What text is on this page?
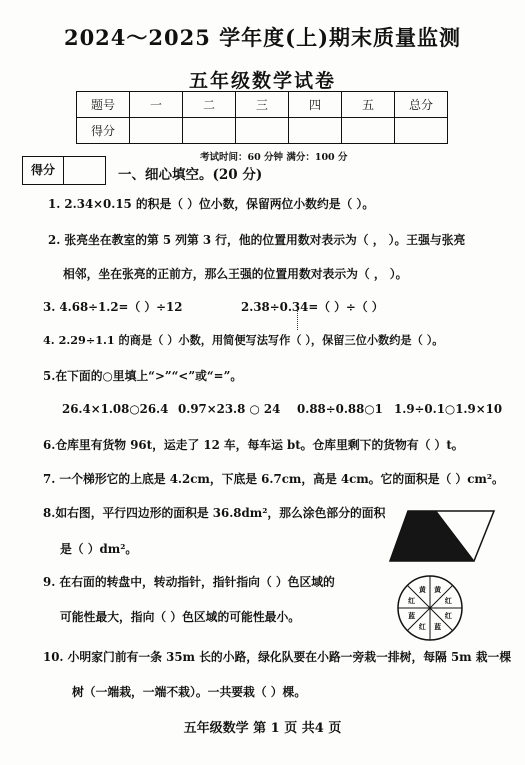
2024～2025 学年度(上)期末质量监测
五年级数学试卷
题号	一	二	三	四	五	总分
得分						
考试时间：60 分钟 满分：100 分
得分	一、细心填空。(20 分)
1. 2.34×0.15 的积是（ ）位小数，保留两位小数约是（ ）。
2. 张亮坐在教室的第 5 列第 3 行，他的位置用数对表示为（ ， ）。王强与张亮
相邻，坐在张亮的正前方，那么王强的位置用数对表示为（ ， ）。
3. 4.68÷1.2=（ ）÷12	2.38÷0.34=（ ）÷（ ）
4. 2.29÷1.1 的商是（ ）小数，用简便写法写作（ ），保留三位小数约是（ ）。
5.在下面的○里填上“>”“<”或“=”。
26.4×1.08○26.4 0.97×23.8 ○ 24 0.88÷0.88○1 1.9÷0.1○1.9×10
6.仓库里有货物 96t，运走了 12 车，每车运 bt。仓库里剩下的货物有（ ）t。
7. 一个梯形它的上底是 4.2cm，下底是 6.7cm，高是 4cm。它的面积是（ ）cm²。
8.如右图，平行四边形的面积是 36.8dm²，那么涂色部分的面积
是（ ）dm²。
9. 在右面的转盘中，转动指针，指针指向（ ）色区域的
可能性最大，指向（ ）色区域的可能性最小。
黄
红
红
蓝
红
蓝
红
黄
10. 小明家门前有一条 35m 长的小路，绿化队要在小路一旁栽一排树，每隔 5m 栽一棵
树（一端栽，一端不栽）。一共要栽（ ）棵。
五年级数学 第 1 页 共4 页
